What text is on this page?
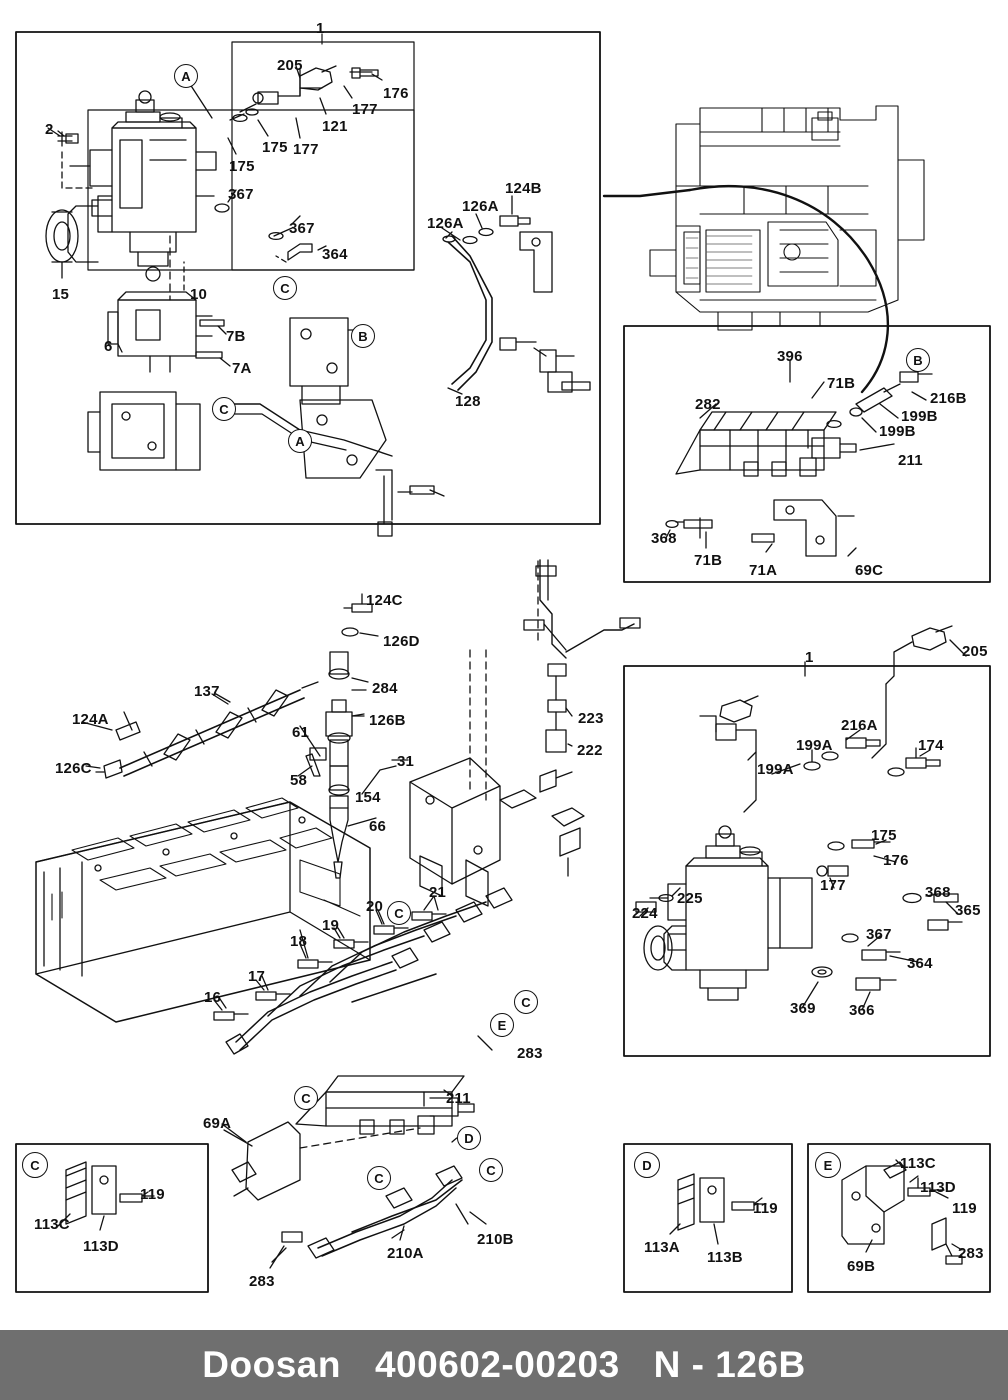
1
205
176
177
121
177
175
175
2
15
367
367
364
10
6
7B
7A
126A
126A
124B
128
396
71B
216B
199B
199B
282
211
368
71B
71A	69C
124C
126D
284
126B
137
124A
126C
61
31
154
58
66
223
222
21
20
19
18
17
16
283
211
69A
210B
210A
283
113C
113D
119
113A
113B
119
113C
113D
119
69B
283
1	205
216A
199A
199A
174
175
176
177	368
365
367
364
366
369
225
224
A
C
B
C
A
B
C
C
E
C
D
C
C
C	D	E
Doosan 400602-00203 N - 126B
